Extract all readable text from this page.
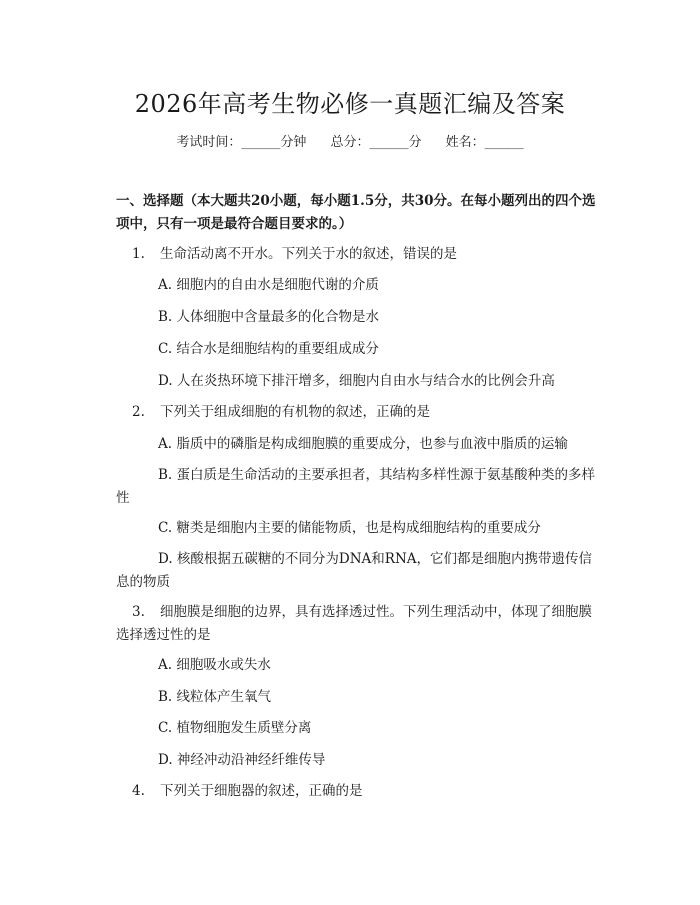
2026年高考生物必修一真题汇编及答案
考试时间：______分钟 总分：______分 姓名：______
一、选择题（本大题共20小题，每小题1.5分，共30分。在每小题列出的四个选项中，只有一项是最符合题目要求的。）
1. 生命活动离不开水。下列关于水的叙述，错误的是
A. 细胞内的自由水是细胞代谢的介质
B. 人体细胞中含量最多的化合物是水
C. 结合水是细胞结构的重要组成成分
D. 人在炎热环境下排汗增多，细胞内自由水与结合水的比例会升高
2. 下列关于组成细胞的有机物的叙述，正确的是
A. 脂质中的磷脂是构成细胞膜的重要成分，也参与血液中脂质的运输
B. 蛋白质是生命活动的主要承担者，其结构多样性源于氨基酸种类的多样性
C. 糖类是细胞内主要的储能物质，也是构成细胞结构的重要成分
D. 核酸根据五碳糖的不同分为DNA和RNA，它们都是细胞内携带遗传信息的物质
3. 细胞膜是细胞的边界，具有选择透过性。下列生理活动中，体现了细胞膜选择透过性的是
A. 细胞吸水或失水
B. 线粒体产生氧气
C. 植物细胞发生质壁分离
D. 神经冲动沿神经纤维传导
4. 下列关于细胞器的叙述，正确的是
